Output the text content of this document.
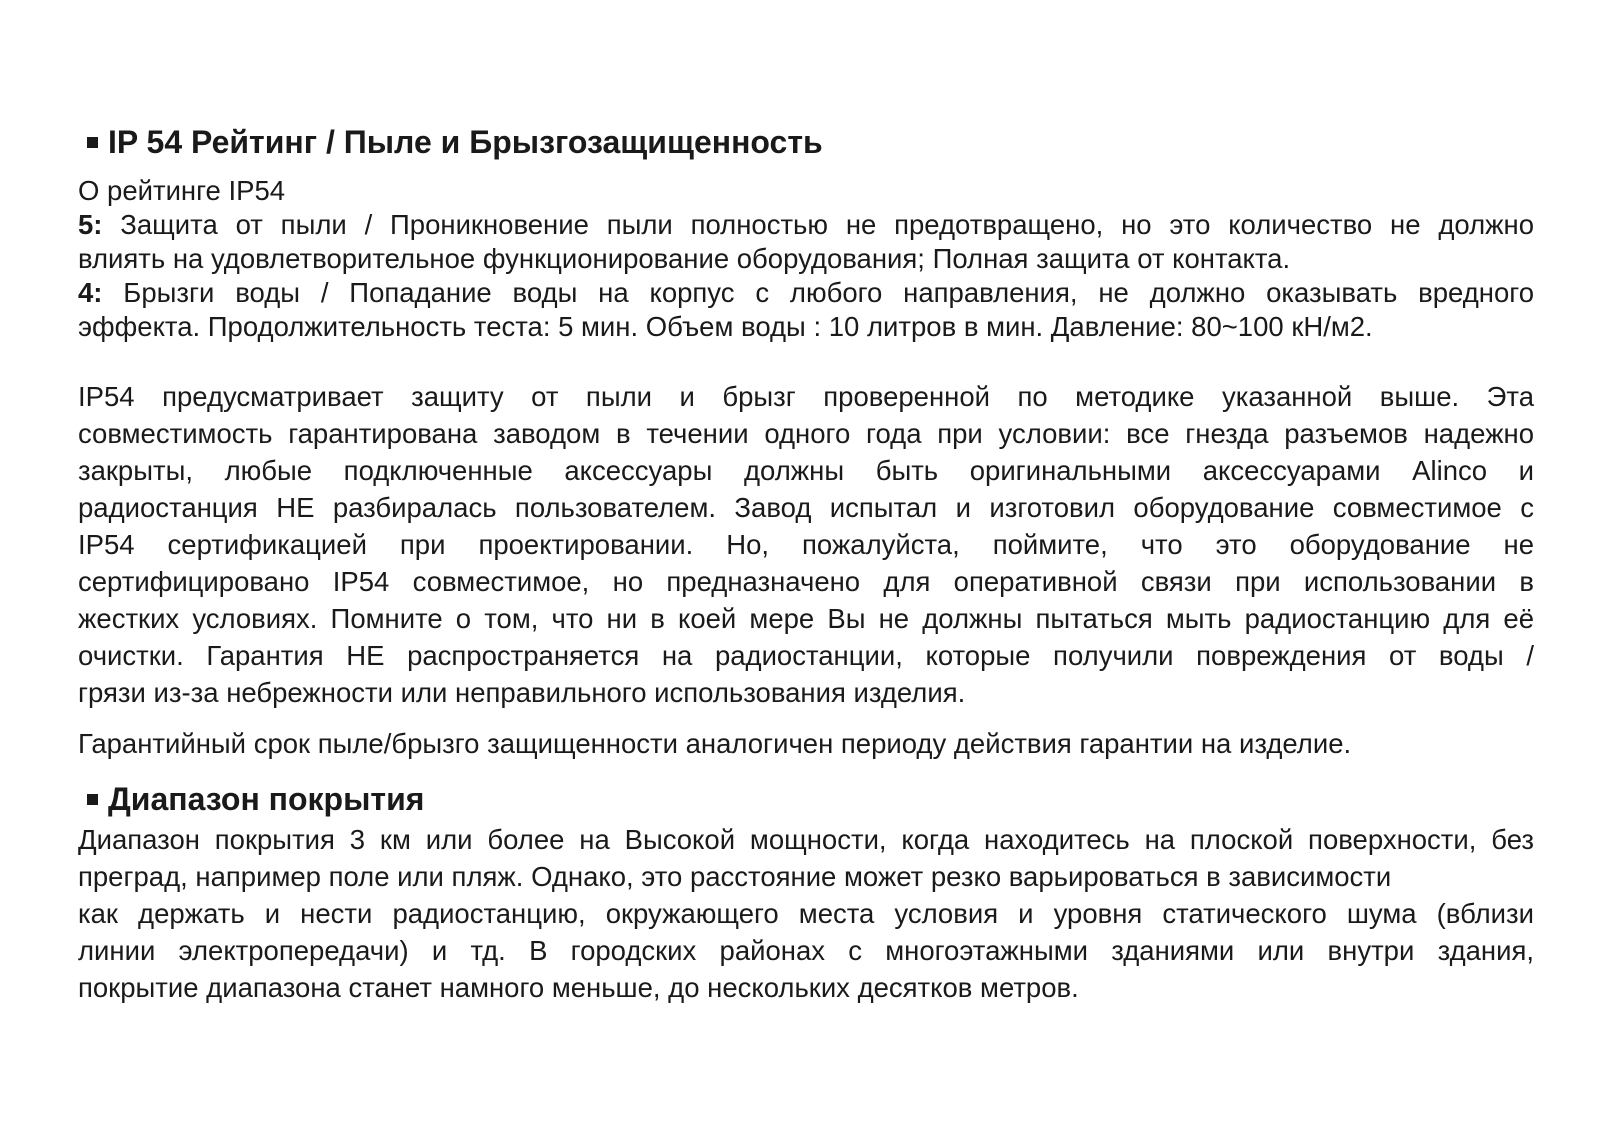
IP 54 Рейтинг / Пыле и Брызгозащищенность

О рейтинге IP54

5: Защита от пыли / Проникновение пыли полностью не предотвращено, но это количество не должно
влиять на удовлетворительное функционирование оборудования; Полная защита от контакта.

4: Брызги воды / Попадание воды на корпус с любого направления, не должно оказывать вредного
эффекта. Продолжительность теста: 5 мин. Объем воды : 10 литров в мин. Давление: 80~100 кН/м2.

IP54 предусматривает защиту от пыли и брызг проверенной по методике указанной выше. Эта
совместимость гарантирована заводом в течении одного года при условии: все гнезда разъемов надежно
закрыты, любые подключенные аксессуары должны быть оригинальными аксессуарами Alinco и
радиостанция НЕ разбиралась пользователем. Завод испытал и изготовил оборудование совместимое с
IP54 сертификацией при проектировании. Но, пожалуйста, поймите, что это оборудование не
сертифицировано IP54 совместимое, но предназначено для оперативной связи при использовании в
жестких условиях. Помните о том, что ни в коей мере Вы не должны пытаться мыть радиостанцию для её
очистки. Гарантия НЕ распространяется на радиостанции, которые получили повреждения от воды /
грязи из-за небрежности или неправильного использования изделия.

Гарантийный срок пыле/брызго защищенности аналогичен периоду действия гарантии на изделие.

Диапазон покрытия

Диапазон покрытия 3 км или более на Высокой мощности, когда находитесь на плоской поверхности, без
преград, например поле или пляж. Однако, это расстояние может резко варьироваться в зависимости
как держать и нести радиостанцию, окружающего места условия и уровня статического шума (вблизи
линии электропередачи) и тд. В городских районах с многоэтажными зданиями или внутри здания,
покрытие диапазона станет намного меньше, до нескольких десятков метров.
